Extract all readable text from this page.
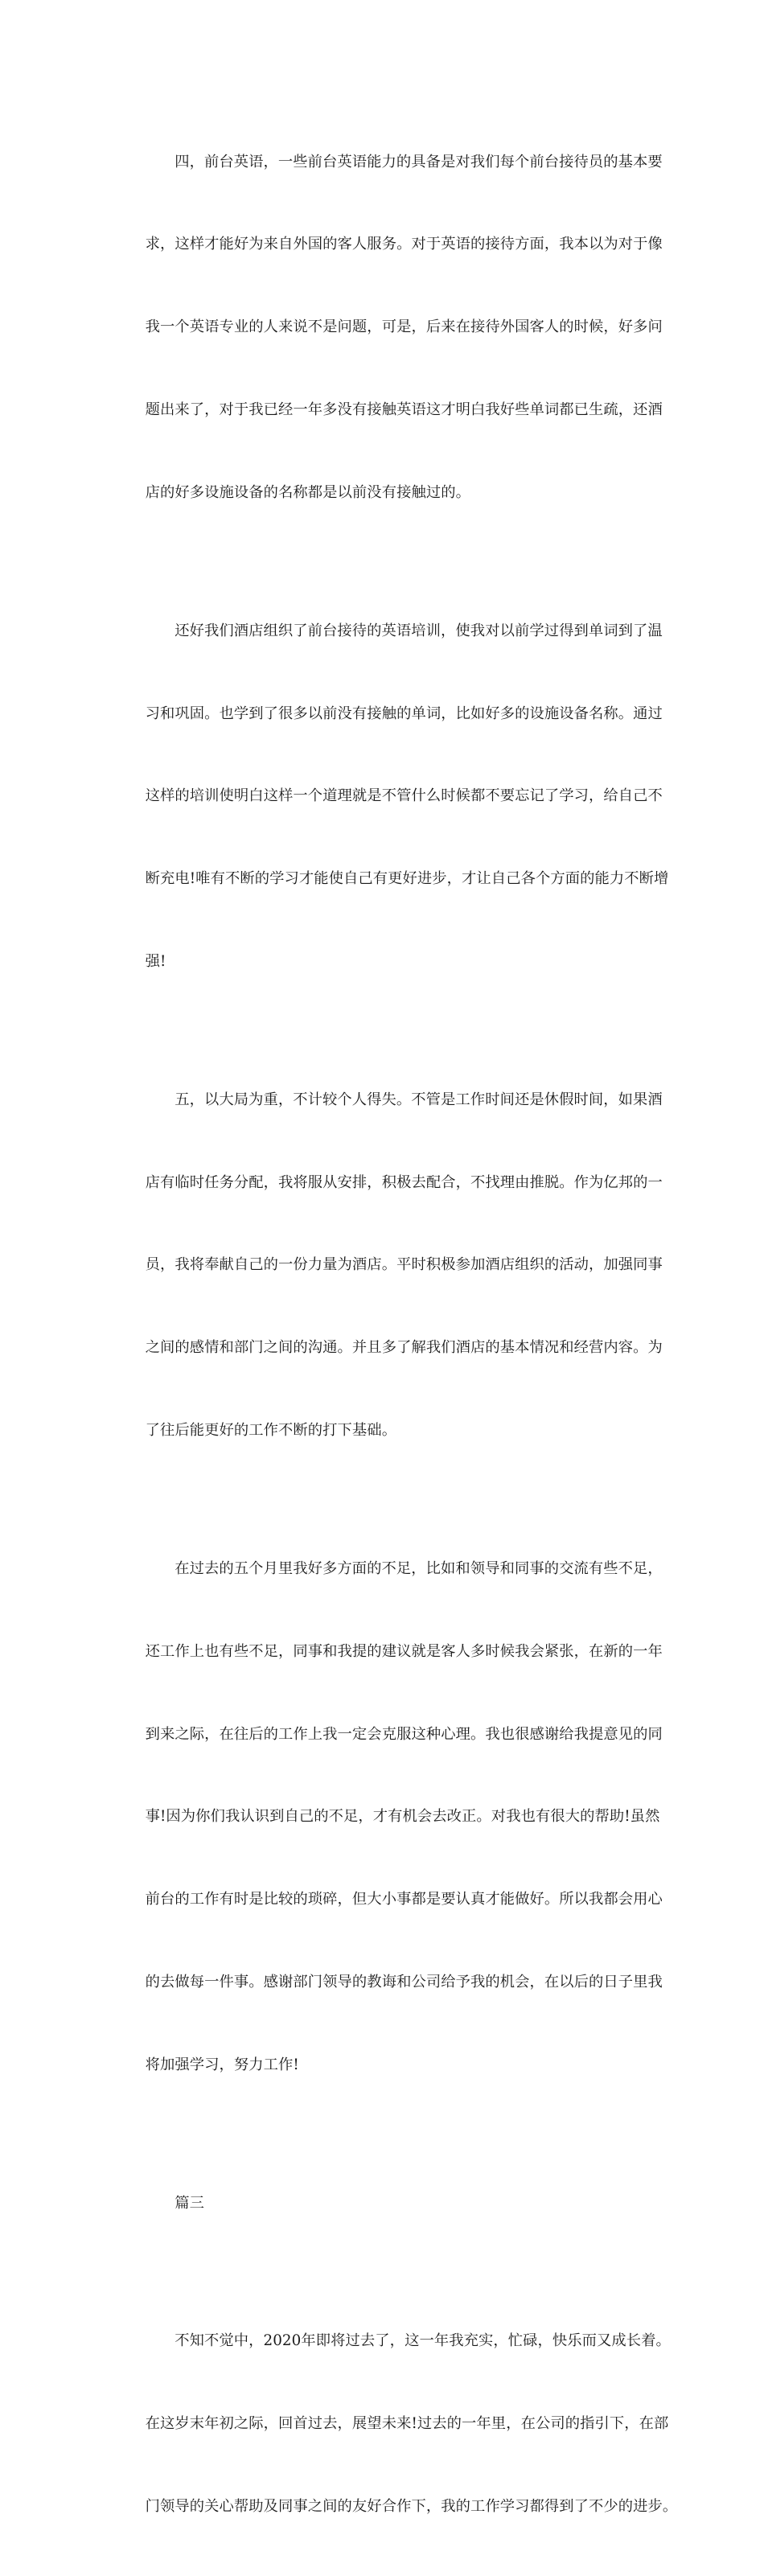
四，前台英语，一些前台英语能力的具备是对我们每个前台接待员的基本要

求，这样才能好为来自外国的客人服务。对于英语的接待方面，我本以为对于像

我一个英语专业的人来说不是问题，可是，后来在接待外国客人的时候，好多问

题出来了，对于我已经一年多没有接触英语这才明白我好些单词都已生疏，还酒

店的好多设施设备的名称都是以前没有接触过的。

还好我们酒店组织了前台接待的英语培训，使我对以前学过得到单词到了温

习和巩固。也学到了很多以前没有接触的单词，比如好多的设施设备名称。通过

这样的培训使明白这样一个道理就是不管什么时候都不要忘记了学习，给自己不

断充电!唯有不断的学习才能使自己有更好进步，才让自己各个方面的能力不断增

强!

五，以大局为重，不计较个人得失。不管是工作时间还是休假时间，如果酒

店有临时任务分配，我将服从安排，积极去配合，不找理由推脱。作为亿邦的一

员，我将奉献自己的一份力量为酒店。平时积极参加酒店组织的活动，加强同事

之间的感情和部门之间的沟通。并且多了解我们酒店的基本情况和经营内容。为

了往后能更好的工作不断的打下基础。

在过去的五个月里我好多方面的不足，比如和领导和同事的交流有些不足，

还工作上也有些不足，同事和我提的建议就是客人多时候我会紧张，在新的一年

到来之际，在往后的工作上我一定会克服这种心理。我也很感谢给我提意见的同

事!因为你们我认识到自己的不足，才有机会去改正。对我也有很大的帮助!虽然

前台的工作有时是比较的琐碎，但大小事都是要认真才能做好。所以我都会用心

的去做每一件事。感谢部门领导的教诲和公司给予我的机会，在以后的日子里我

将加强学习，努力工作!

篇三

不知不觉中，2020年即将过去了，这一年我充实，忙碌，快乐而又成长着。

在这岁末年初之际，回首过去，展望未来!过去的一年里，在公司的指引下，在部

门领导的关心帮助及同事之间的友好合作下，我的工作学习都得到了不少的进步。
